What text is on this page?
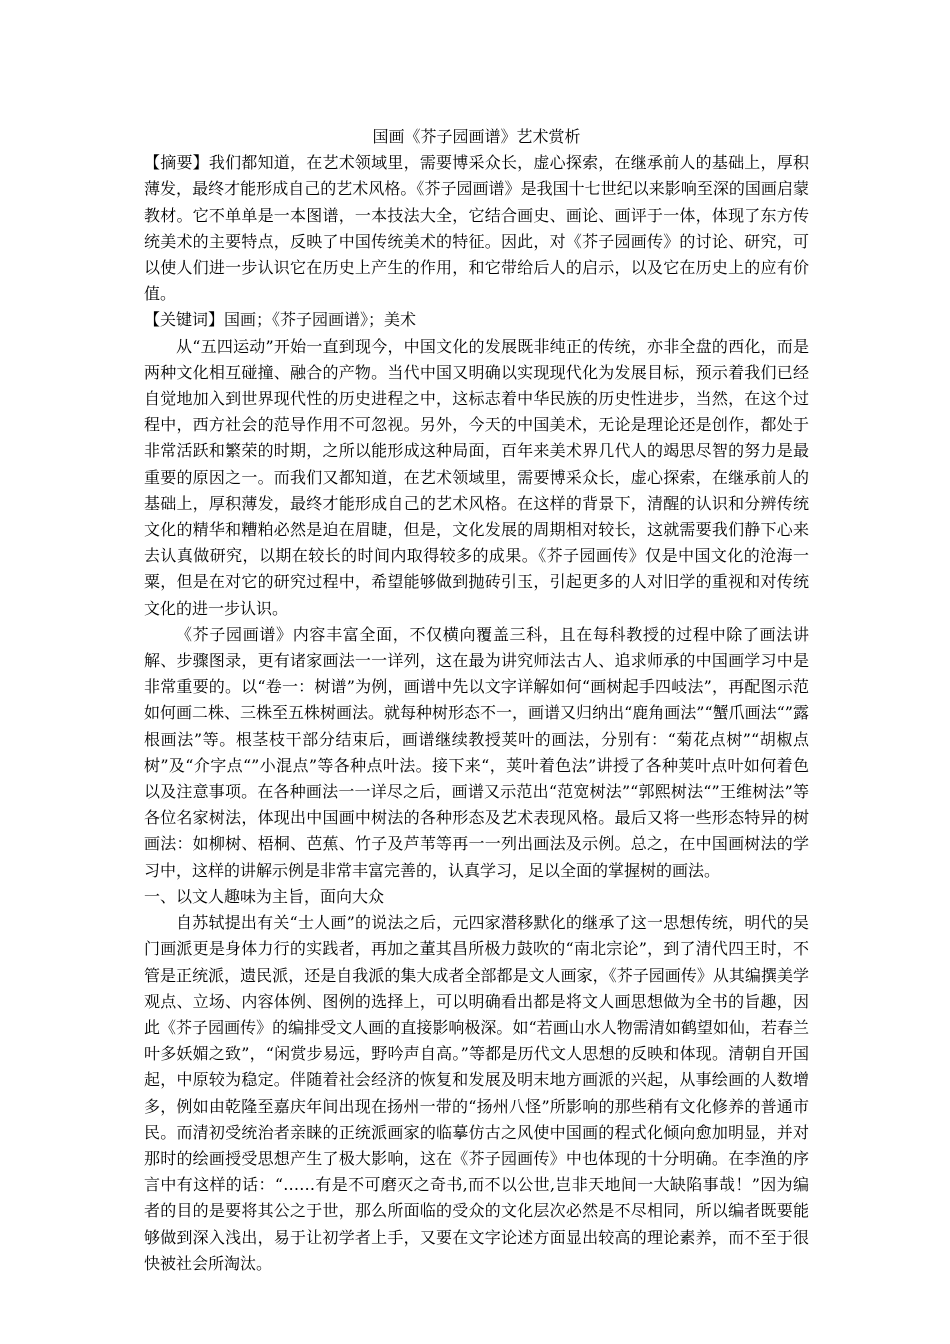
国画《芥子园画谱》艺术赏析

【摘要】我们都知道，在艺术领域里，需要博采众长，虚心探索，在继承前人的基础上，厚积薄发，最终才能形成自己的艺术风格。《芥子园画谱》是我国十七世纪以来影响至深的国画启蒙教材。它不单单是一本图谱，一本技法大全，它结合画史、画论、画评于一体，体现了东方传统美术的主要特点，反映了中国传统美术的特征。因此，对《芥子园画传》的讨论、研究，可以使人们进一步认识它在历史上产生的作用，和它带给后人的启示，以及它在历史上的应有价值。

【关键词】国画；《芥子园画谱》；美术

从“五四运动”开始一直到现今，中国文化的发展既非纯正的传统，亦非全盘的西化，而是两种文化相互碰撞、融合的产物。当代中国又明确以实现现代化为发展目标，预示着我们已经自觉地加入到世界现代性的历史进程之中，这标志着中华民族的历史性进步，当然，在这个过程中，西方社会的范导作用不可忽视。另外，今天的中国美术，无论是理论还是创作，都处于非常活跃和繁荣的时期，之所以能形成这种局面，百年来美术界几代人的竭思尽智的努力是最重要的原因之一。而我们又都知道，在艺术领域里，需要博采众长，虚心探索，在继承前人的基础上，厚积薄发，最终才能形成自己的艺术风格。在这样的背景下，清醒的认识和分辨传统文化的精华和糟粕必然是迫在眉睫，但是，文化发展的周期相对较长，这就需要我们静下心来去认真做研究，以期在较长的时间内取得较多的成果。《芥子园画传》仅是中国文化的沧海一粟，但是在对它的研究过程中，希望能够做到抛砖引玉，引起更多的人对旧学的重视和对传统文化的进一步认识。

《芥子园画谱》内容丰富全面，不仅横向覆盖三科，且在每科教授的过程中除了画法讲解、步骤图录，更有诸家画法一一详列，这在最为讲究师法古人、追求师承的中国画学习中是非常重要的。以“卷一：树谱”为例，画谱中先以文字详解如何“画树起手四岐法”，再配图示范如何画二株、三株至五株树画法。就每种树形态不一，画谱又归纳出“鹿角画法”“蟹爪画法“”露根画法”等。根茎枝干部分结束后，画谱继续教授荚叶的画法，分别有：“菊花点树”“胡椒点树”及“介字点“”小混点”等各种点叶法。接下来“，荚叶着色法”讲授了各种荚叶点叶如何着色以及注意事项。在各种画法一一详尽之后，画谱又示范出“范宽树法”“郭熙树法“”王维树法”等各位名家树法，体现出中国画中树法的各种形态及艺术表现风格。最后又将一些形态特异的树画法：如柳树、梧桐、芭蕉、竹子及芦苇等再一一列出画法及示例。总之，在中国画树法的学习中，这样的讲解示例是非常丰富完善的，认真学习，足以全面的掌握树的画法。

一、以文人趣味为主旨，面向大众

自苏轼提出有关“士人画”的说法之后，元四家潜移默化的继承了这一思想传统，明代的吴门画派更是身体力行的实践者，再加之董其昌所极力鼓吹的“南北宗论”，到了清代四王时，不管是正统派，遗民派，还是自我派的集大成者全部都是文人画家，《芥子园画传》从其编撰美学观点、立场、内容体例、图例的选择上，可以明确看出都是将文人画思想做为全书的旨趣，因此《芥子园画传》的编排受文人画的直接影响极深。如“若画山水人物需清如鹤望如仙，若春兰叶多妖媚之致”，“闲赏步易远，野吟声自高。”等都是历代文人思想的反映和体现。清朝自开国起，中原较为稳定。伴随着社会经济的恢复和发展及明末地方画派的兴起，从事绘画的人数增多，例如由乾隆至嘉庆年间出现在扬州一带的“扬州八怪”所影响的那些稍有文化修养的普通市民。而清初受统治者亲睐的正统派画家的临摹仿古之风使中国画的程式化倾向愈加明显，并对那时的绘画授受思想产生了极大影响，这在《芥子园画传》中也体现的十分明确。在李渔的序言中有这样的话：“……有是不可磨灭之奇书,而不以公世,岂非天地间一大缺陷事哉！”因为编者的目的是要将其公之于世，那么所面临的受众的文化层次必然是不尽相同，所以编者既要能够做到深入浅出，易于让初学者上手，又要在文字论述方面显出较高的理论素养，而不至于很快被社会所淘汰。
